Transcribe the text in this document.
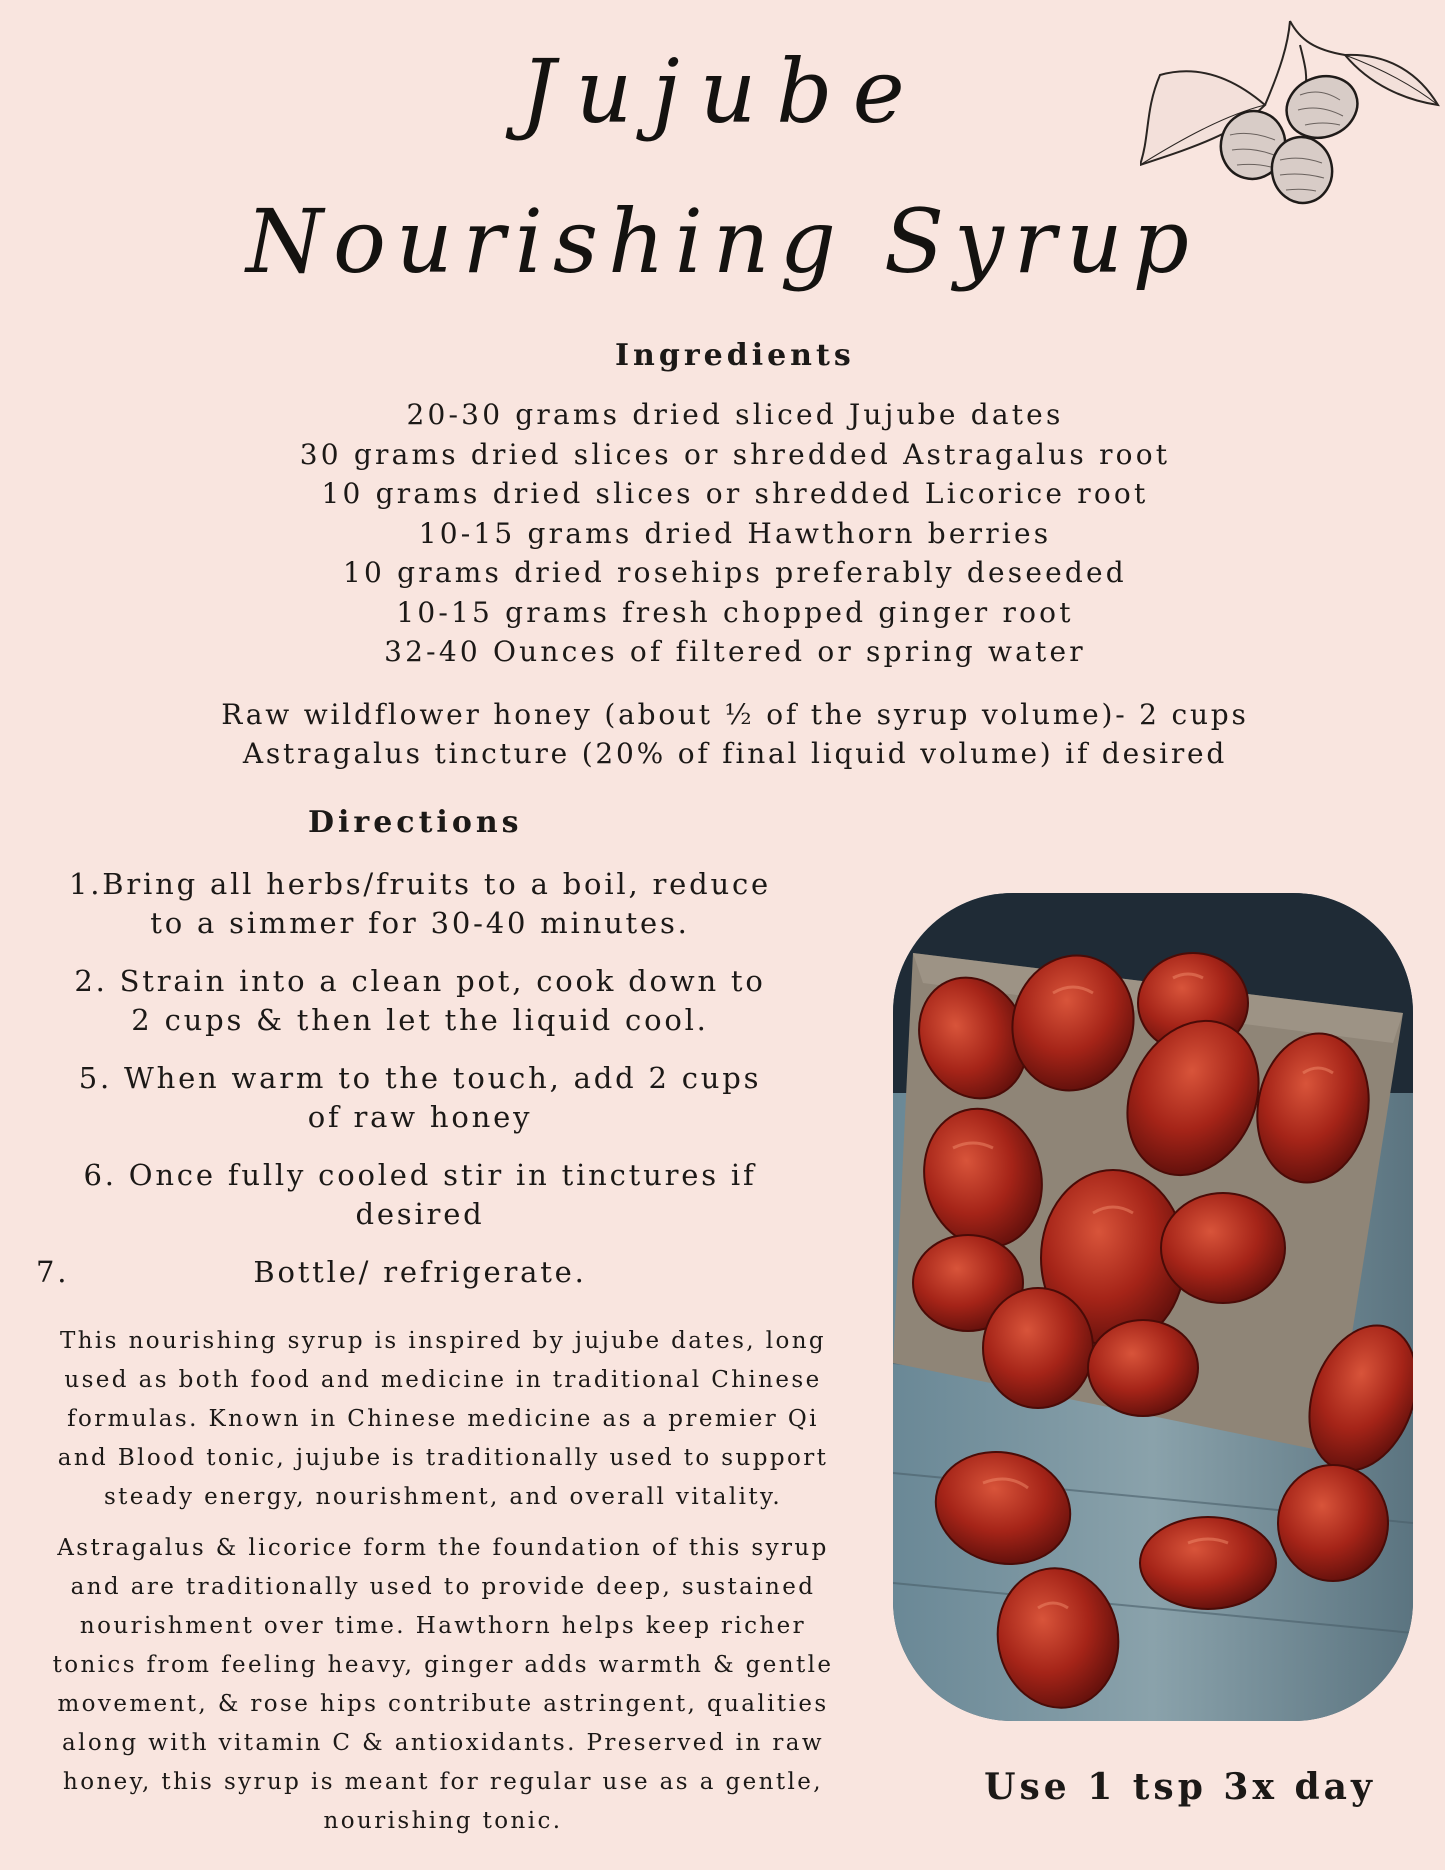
Jujube
Nourishing Syrup
Ingredients
20-30 grams dried sliced Jujube dates
30 grams dried slices or shredded Astragalus root
10 grams dried slices or shredded Licorice root
10-15 grams dried Hawthorn berries
10 grams dried rosehips preferably deseeded
10-15 grams fresh chopped ginger root
32-40 Ounces of filtered or spring water

Raw wildflower honey (about ½ of the syrup volume)- 2 cups

Astragalus tincture (20% of final liquid volume) if desired

Directions
1.Bring all herbs/fruits to a boil, reduce
to a simmer for 30-40 minutes.
2. Strain into a clean pot, cook down to
2 cups & then let the liquid cool.
5. When warm to the touch, add 2 cups
of raw honey
6. Once fully cooled stir in tinctures if
desired
7.	Bottle/ refrigerate.
This nourishing syrup is inspired by jujube dates, long
used as both food and medicine in traditional Chinese
formulas. Known in Chinese medicine as a premier Qi
and Blood tonic, jujube is traditionally used to support
steady energy, nourishment, and overall vitality.
Astragalus & licorice form the foundation of this syrup
and are traditionally used to provide deep, sustained
nourishment over time. Hawthorn helps keep richer
tonics from feeling heavy, ginger adds warmth & gentle
movement, & rose hips contribute astringent, qualities
along with vitamin C & antioxidants. Preserved in raw
honey, this syrup is meant for regular use as a gentle,
nourishing tonic.

Use 1 tsp 3x day
